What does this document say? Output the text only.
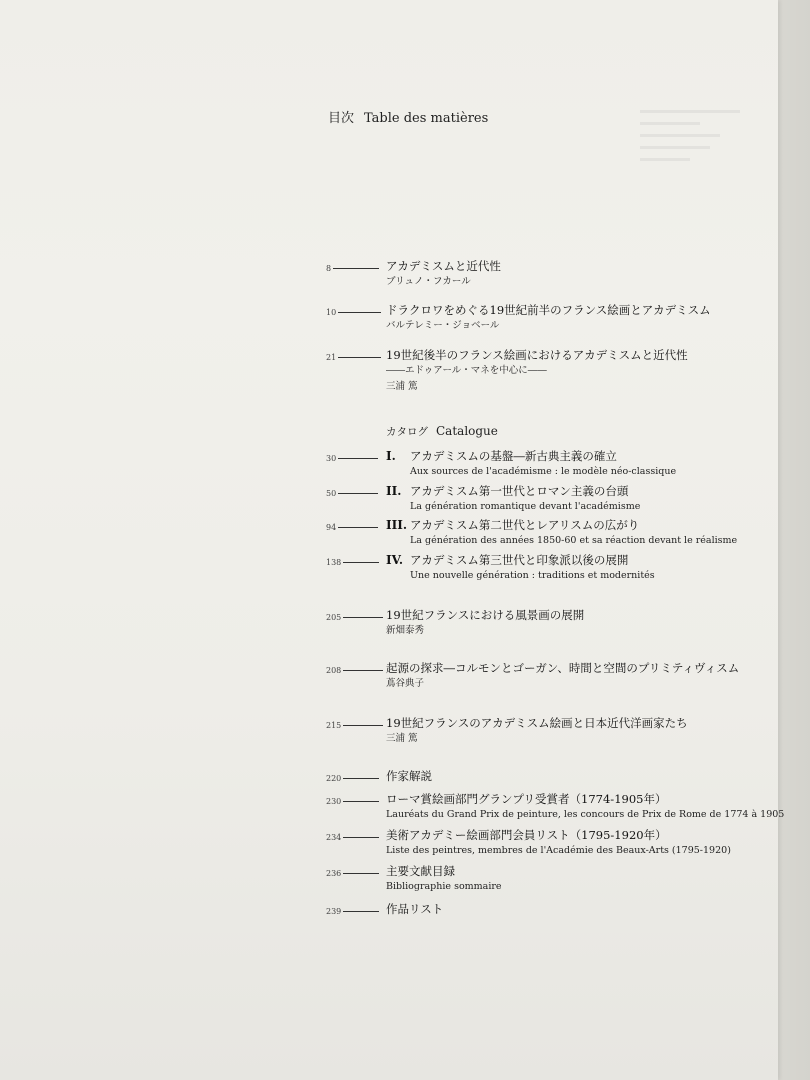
目次 Table des matières
8	アカデミスムと近代性
ブリュノ・フカール
10	ドラクロワをめぐる19世紀前半のフランス絵画とアカデミスム
バルテレミー・ジョベール
21	19世紀後半のフランス絵画におけるアカデミスムと近代性
――エドゥアール・マネを中心に――
三浦 篤
カタログ Catalogue
30	I. アカデミスムの基盤―新古典主義の確立
Aux sources de l'académisme : le modèle néo-classique
50	II. アカデミスム第一世代とロマン主義の台頭
La génération romantique devant l'académisme
94	III. アカデミスム第二世代とレアリスムの広がり
La génération des années 1850-60 et sa réaction devant le réalisme
138	IV. アカデミスム第三世代と印象派以後の展開
Une nouvelle génération : traditions et modernités
205	19世紀フランスにおける風景画の展開
新畑泰秀
208	起源の探求―コルモンとゴーガン、時間と空間のプリミティヴィスム
蔦谷典子
215	19世紀フランスのアカデミスム絵画と日本近代洋画家たち
三浦 篤
220	作家解説
230	ローマ賞絵画部門グランプリ受賞者（1774-1905年）
Lauréats du Grand Prix de peinture, les concours de Prix de Rome de 1774 à 1905
234	美術アカデミー絵画部門会員リスト（1795-1920年）
Liste des peintres, membres de l'Académie des Beaux-Arts (1795-1920)
236	主要文献目録
Bibliographie sommaire
239	作品リスト
